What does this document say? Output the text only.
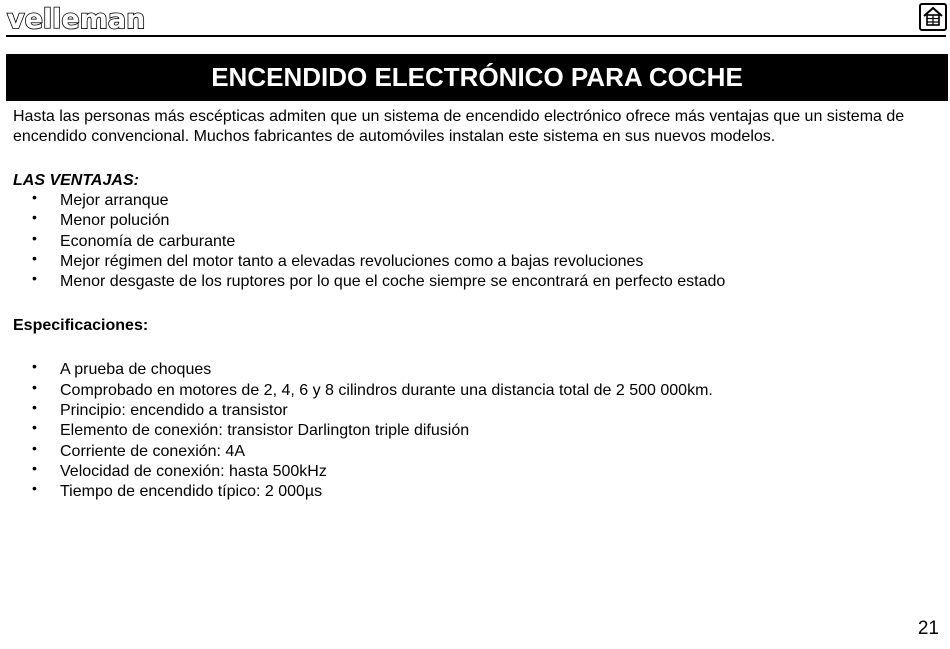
velleman
ENCENDIDO ELECTRÓNICO PARA COCHE

Hasta las personas más escépticas admiten que un sistema de encendido electrónico ofrece más ventajas que un sistema de encendido convencional. Muchos fabricantes de automóviles instalan este sistema en sus nuevos modelos.

LAS VENTAJAS:

• Mejor arranque
• Menor polución
• Economía de carburante
• Mejor régimen del motor tanto a elevadas revoluciones como a bajas revoluciones
• Menor desgaste de los ruptores por lo que el coche siempre se encontrará en perfecto estado

Especificaciones:

• A prueba de choques
• Comprobado en motores de 2, 4, 6 y 8 cilindros durante una distancia total de 2 500 000km.
• Principio: encendido a transistor
• Elemento de conexión: transistor Darlington triple difusión
• Corriente de conexión: 4A
• Velocidad de conexión: hasta 500kHz
• Tiempo de encendido típico: 2 000µs
21
